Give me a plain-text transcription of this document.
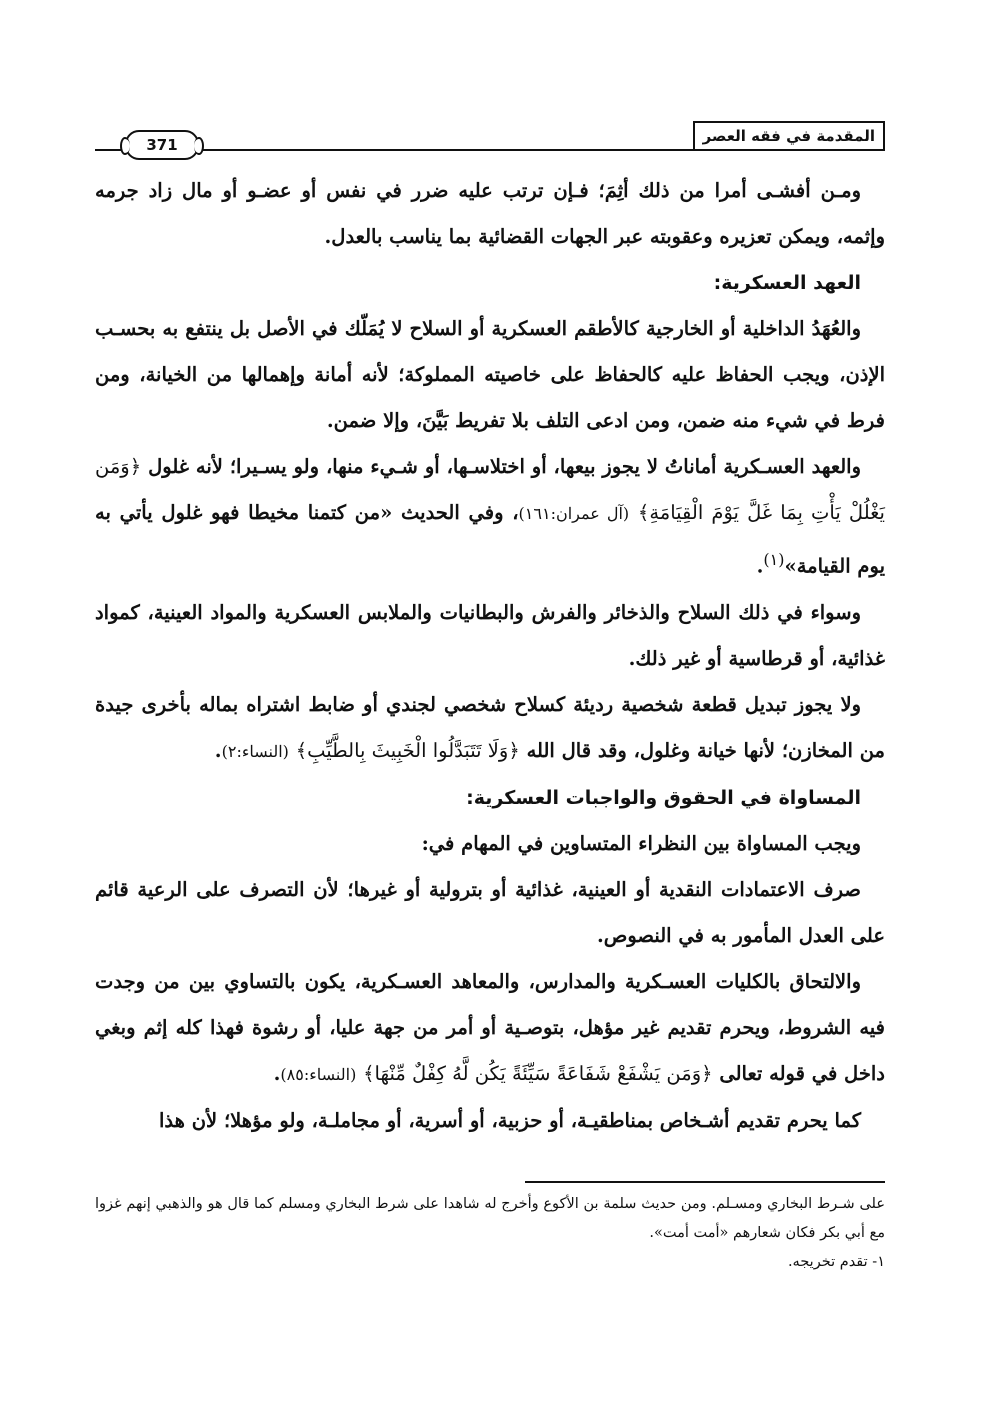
المقدمة في فقه العصر
371

ومـن أفشـى أمرا من ذلك أثِمَ؛ فـإن ترتب عليه ضرر في نفس أو عضـو أو مال زاد جرمه وإثمه، ويمكن تعزيره وعقوبته عبر الجهات القضائية بما يناسب بالعدل.

العهد العسكرية:

والعُهَدُ الداخلية أو الخارجية كالأطقم العسكرية أو السلاح لا يُمَلّك في الأصل بل ينتفع به بحسـب الإذن، ويجب الحفاظ عليه كالحفاظ على خاصيته المملوكة؛ لأنه أمانة وإهمالها من الخيانة، ومن فرط في شيء منه ضمن، ومن ادعى التلف بلا تفريط بَيَّنَ، وإلا ضمن.

والعهد العسـكرية أماناتُ لا يجوز بيعها، أو اختلاسـها، أو شـيء منها، ولو يسـيرا؛ لأنه غلول ﴿وَمَن يَغْلُلْ يَأْتِ بِمَا غَلَّ يَوْمَ الْقِيَامَةِ﴾ (آل عمران:١٦١)، وفي الحديث «من كتمنا مخيطا فهو غلول يأتي به يوم القيامة»$^{(١)}$.

وسواء في ذلك السلاح والذخائر والفرش والبطانيات والملابس العسكرية والمواد العينية، كمواد غذائية، أو قرطاسية أو غير ذلك.

ولا يجوز تبديل قطعة شخصية رديئة كسلاح شخصي لجندي أو ضابط اشتراه بماله بأخرى جيدة من المخازن؛ لأنها خيانة وغلول، وقد قال الله ﴿وَلَا تَتَبَدَّلُوا الْخَبِيثَ بِالطَّيِّبِ﴾ (النساء:٢).

المساواة في الحقوق والواجبات العسكرية:

ويجب المساواة بين النظراء المتساوين في المهام في:

صرف الاعتمادات النقدية أو العينية، غذائية أو بترولية أو غيرها؛ لأن التصرف على الرعية قائم على العدل المأمور به في النصوص.

والالتحاق بالكليات العسـكرية والمدارس، والمعاهد العسـكرية، يكون بالتساوي بين من وجدت فيه الشروط، ويحرم تقديم غير مؤهل، بتوصـية أو أمر من جهة عليا، أو رشوة فهذا كله إثم وبغي داخل في قوله تعالى ﴿وَمَن يَشْفَعْ شَفَاعَةً سَيِّئَةً يَكُن لَّهُ كِفْلٌ مِّنْهَا﴾ (النساء:٨٥).

كما يحرم تقديم أشـخاص بمناطقيـة، أو حزبية، أو أسرية، أو مجاملـة، ولو مؤهلا؛ لأن هذا

على شـرط البخاري ومسـلم. ومن حديث سلمة بن الأكوع وأخرج له شاهدا على شرط البخاري ومسلم كما قال هو والذهبي إنهم غزوا مع أبي بكر فكان شعارهم «أمت أمت».

١- تقدم تخريجه.
